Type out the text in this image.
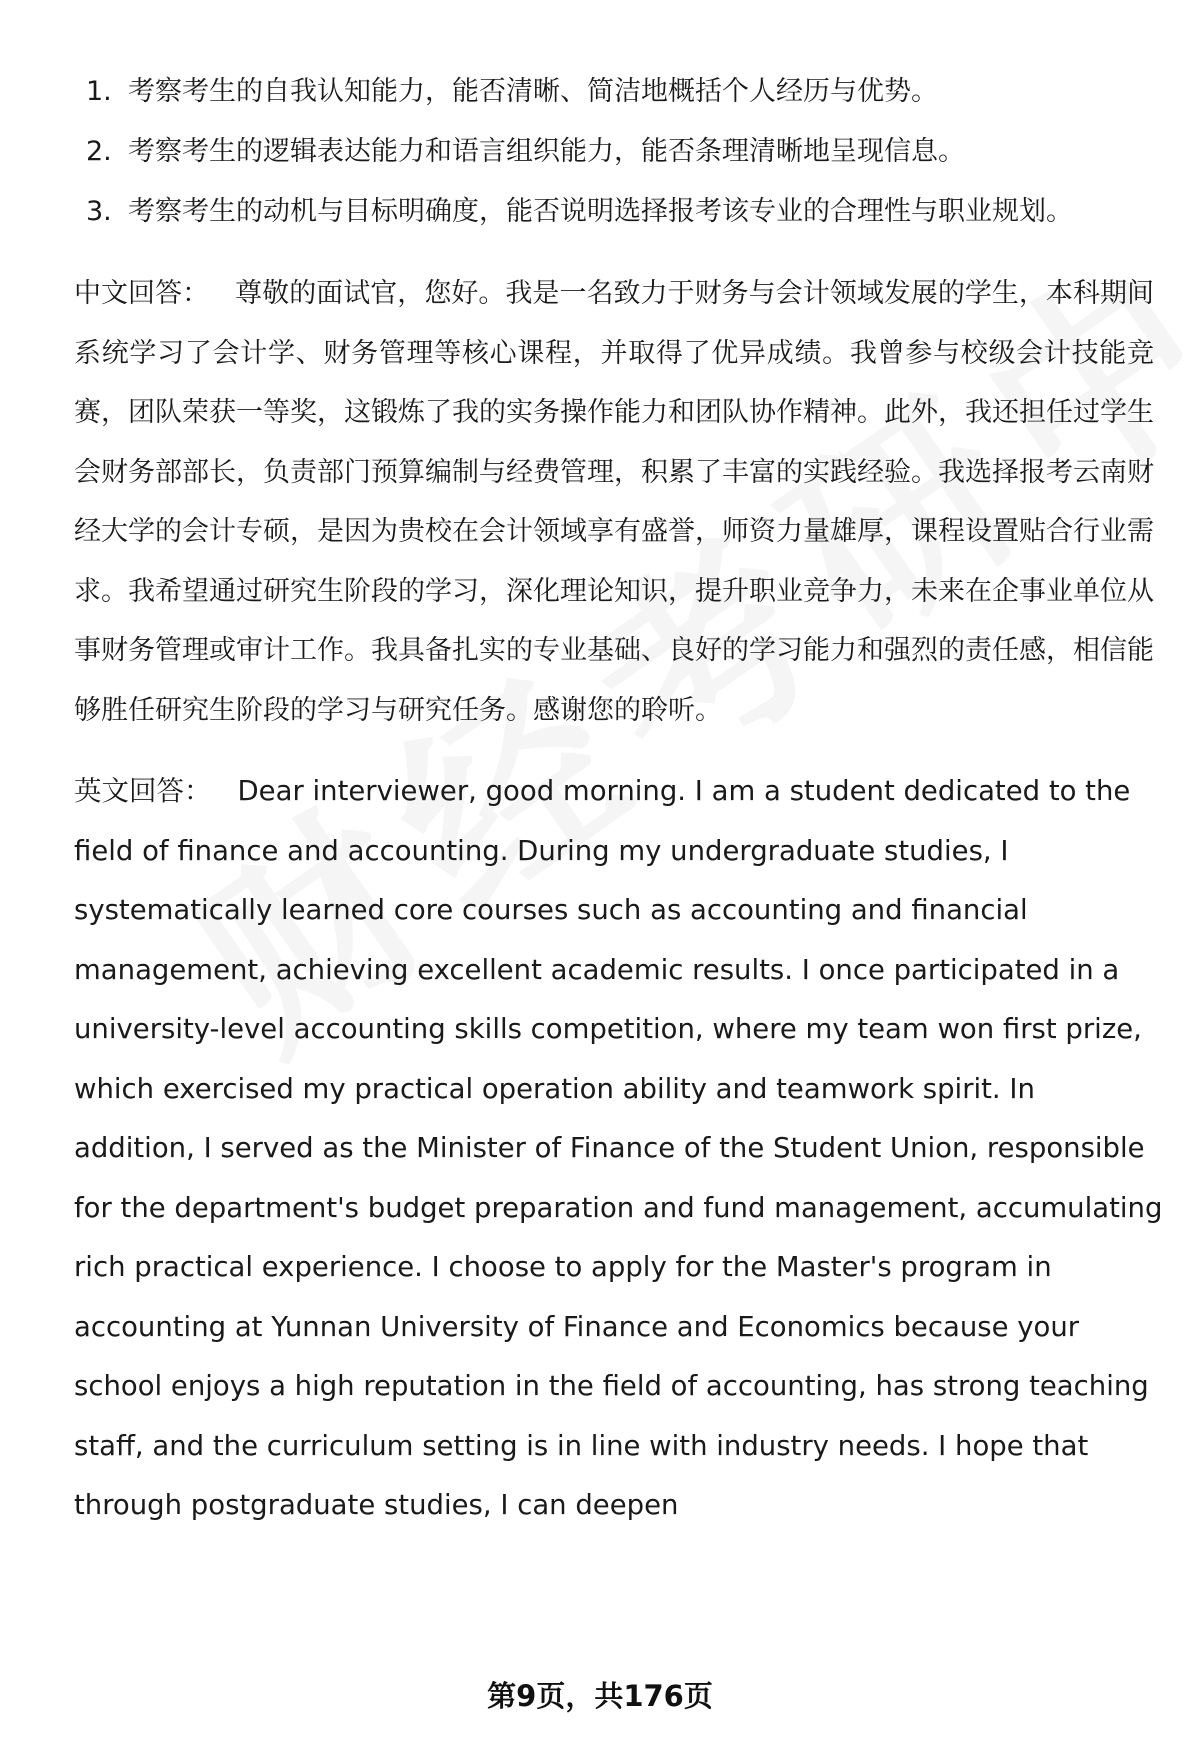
1. 考察考生的自我认知能力，能否清晰、简洁地概括个人经历与优势。
2. 考察考生的逻辑表达能力和语言组织能力，能否条理清晰地呈现信息。
3. 考察考生的动机与目标明确度，能否说明选择报考该专业的合理性与职业规划。
中文回答： 尊敬的面试官，您好。我是一名致力于财务与会计领域发展的学生，本科期间系统学习了会计学、财务管理等核心课程，并取得了优异成绩。我曾参与校级会计技能竞赛，团队荣获一等奖，这锻炼了我的实务操作能力和团队协作精神。此外，我还担任过学生会财务部部长，负责部门预算编制与经费管理，积累了丰富的实践经验。我选择报考云南财经大学的会计专硕，是因为贵校在会计领域享有盛誉，师资力量雄厚，课程设置贴合行业需求。我希望通过研究生阶段的学习，深化理论知识，提升职业竞争力，未来在企事业单位从事财务管理或审计工作。我具备扎实的专业基础、良好的学习能力和强烈的责任感，相信能够胜任研究生阶段的学习与研究任务。感谢您的聆听。
英文回答： Dear interviewer, good morning. I am a student dedicated to the field of finance and accounting. During my undergraduate studies, I systematically learned core courses such as accounting and financial management, achieving excellent academic results. I once participated in a university-level accounting skills competition, where my team won first prize, which exercised my practical operation ability and teamwork spirit. In addition, I served as the Minister of Finance of the Student Union, responsible for the department's budget preparation and fund management, accumulating rich practical experience. I choose to apply for the Master's program in accounting at Yunnan University of Finance and Economics because your school enjoys a high reputation in the field of accounting, has strong teaching staff, and the curriculum setting is in line with industry needs. I hope that through postgraduate studies, I can deepen
第9页，共176页
